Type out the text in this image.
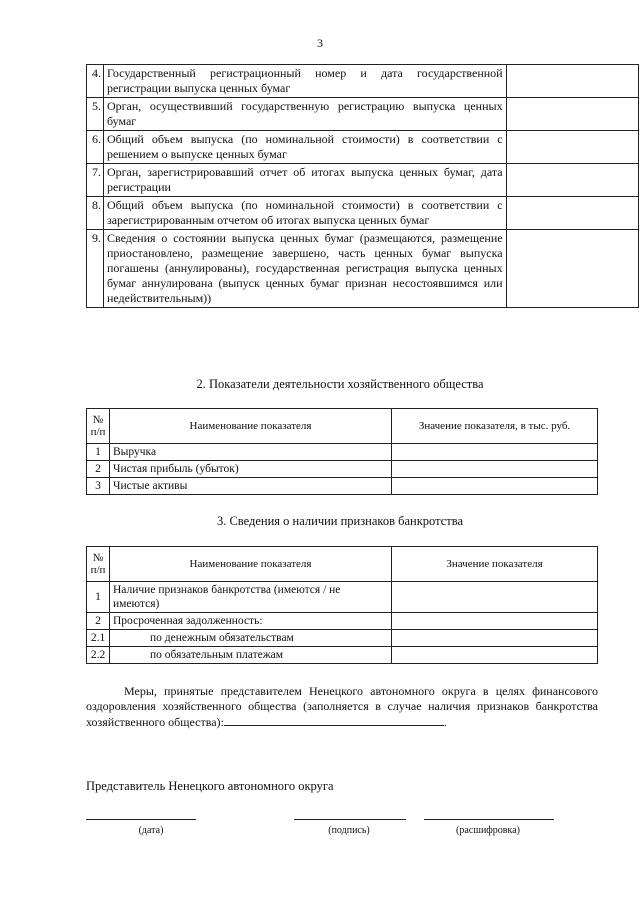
3
4.	Государственный регистрационный номер и дата государственной регистрации выпуска ценных бумаг	
5.	Орган, осуществивший государственную регистрацию выпуска ценных бумаг	
6.	Общий объем выпуска (по номинальной стоимости) в соответствии с решением о выпуске ценных бумаг	
7.	Орган, зарегистрировавший отчет об итогах выпуска ценных бумаг, дата регистрации	
8.	Общий объем выпуска (по номинальной стоимости) в соответствии с зарегистрированным отчетом об итогах выпуска ценных бумаг	
9.	Сведения о состоянии выпуска ценных бумаг (размещаются, размещение приостановлено, размещение завершено, часть ценных бумаг выпуска погашены (аннулированы), государственная регистрация выпуска ценных бумаг аннулирована (выпуск ценных бумаг признан несостоявшимся или недействительным))	
2. Показатели деятельности хозяйственного общества
№ п/п	Наименование показателя	Значение показателя, в тыс. руб.
1	Выручка	
2	Чистая прибыль (убыток)	
3	Чистые активы	
3. Сведения о наличии признаков банкротства
№ п/п	Наименование показателя	Значение показателя
1	Наличие признаков банкротства (имеются / не имеются)	
2	Просроченная задолженность:	
2.1	по денежным обязательствам	
2.2	по обязательным платежам	
Меры, принятые представителем Ненецкого автономного округа в целях финансового оздоровления хозяйственного общества (заполняется в случае наличия признаков банкротства хозяйственного общества):	.
Представитель Ненецкого автономного округа
(дата)	(подпись)	(расшифровка)
